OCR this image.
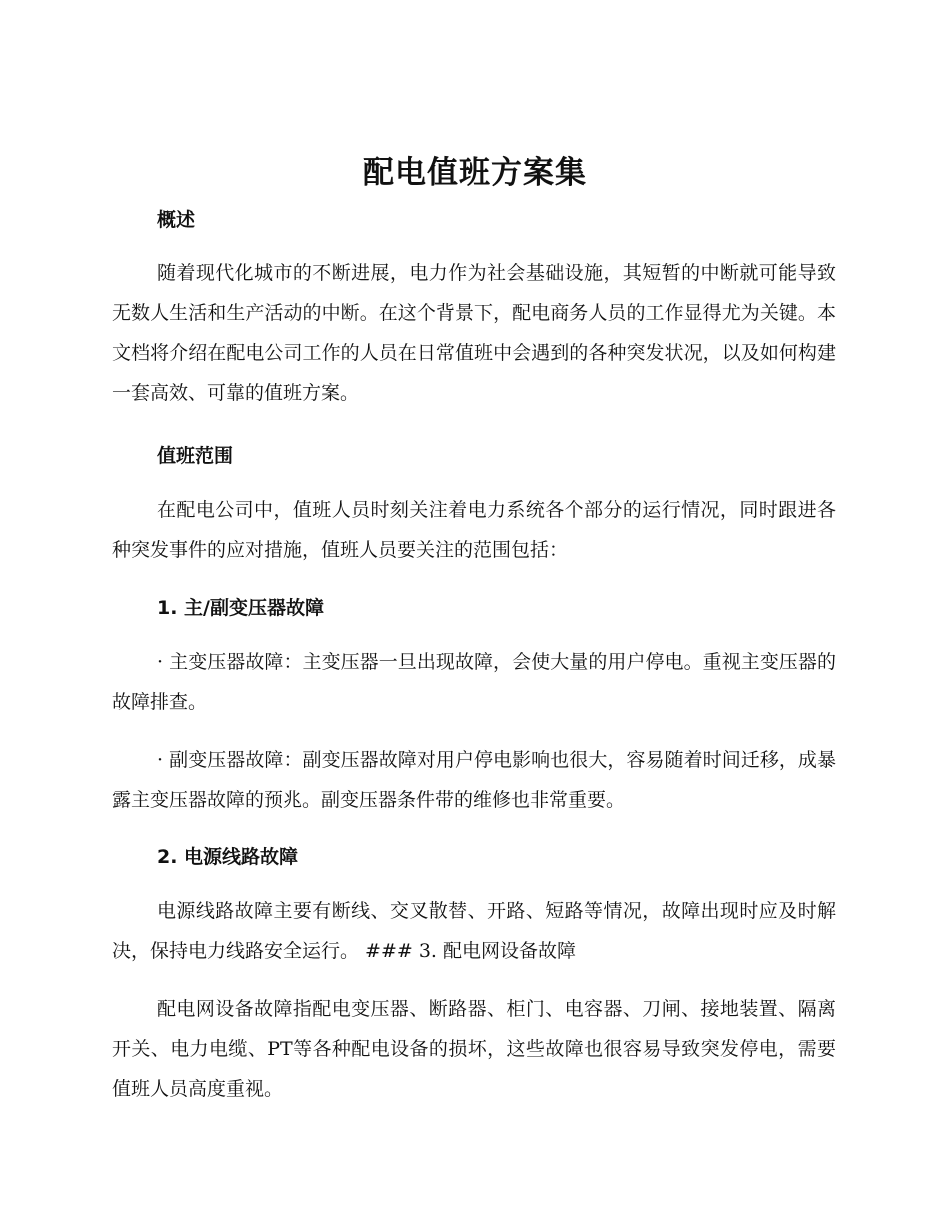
配电值班方案集
概述

随着现代化城市的不断进展，电力作为社会基础设施，其短暂的中断就可能导致无数人生活和生产活动的中断。在这个背景下，配电商务人员的工作显得尤为关键。本文档将介绍在配电公司工作的人员在日常值班中会遇到的各种突发状况，以及如何构建一套高效、可靠的值班方案。

值班范围

在配电公司中，值班人员时刻关注着电力系统各个部分的运行情况，同时跟进各种突发事件的应对措施，值班人员要关注的范围包括：

1. 主/副变压器故障

· 主变压器故障：主变压器一旦出现故障，会使大量的用户停电。重视主变压器的故障排查。

· 副变压器故障：副变压器故障对用户停电影响也很大，容易随着时间迁移，成暴露主变压器故障的预兆。副变压器条件带的维修也非常重要。

2. 电源线路故障

电源线路故障主要有断线、交叉散替、开路、短路等情况，故障出现时应及时解决，保持电力线路安全运行。 ### 3. 配电网设备故障

配电网设备故障指配电变压器、断路器、柜门、电容器、刀闸、接地装置、隔离开关、电力电缆、PT等各种配电设备的损坏，这些故障也很容易导致突发停电，需要值班人员高度重视。
